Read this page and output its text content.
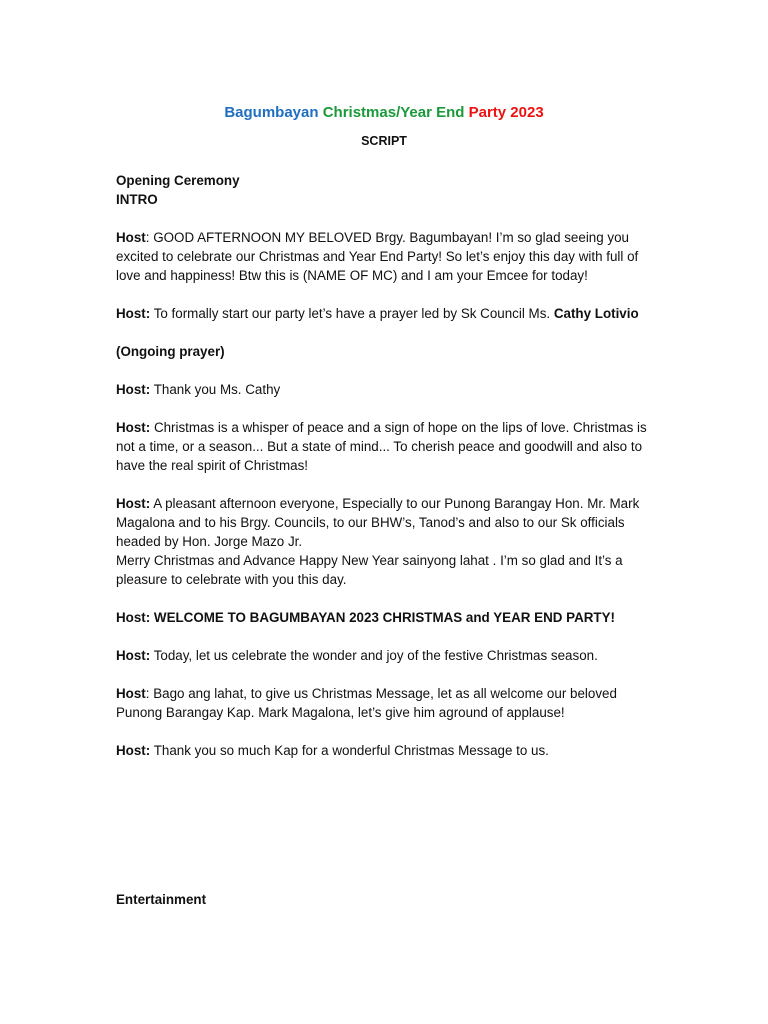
Bagumbayan Christmas/Year End Party 2023
SCRIPT

Opening Ceremony
INTRO

Host: GOOD AFTERNOON MY BELOVED Brgy. Bagumbayan! I’m so glad seeing you excited to celebrate our Christmas and Year End Party! So let’s enjoy this day with full of love and happiness! Btw this is (NAME OF MC) and I am your Emcee for today!

Host: To formally start our party let’s have a prayer led by Sk Council Ms. Cathy Lotivio

(Ongoing prayer)

Host: Thank you Ms. Cathy

Host: Christmas is a whisper of peace and a sign of hope on the lips of love. Christmas is not a time, or a season... But a state of mind... To cherish peace and goodwill and also to have the real spirit of Christmas!

Host: A pleasant afternoon everyone, Especially to our Punong Barangay Hon. Mr. Mark Magalona and to his Brgy. Councils, to our BHW’s, Tanod’s and also to our Sk officials headed by Hon. Jorge Mazo Jr.
Merry Christmas and Advance Happy New Year sainyong lahat . I’m so glad and It’s a pleasure to celebrate with you this day.

Host: WELCOME TO BAGUMBAYAN 2023 CHRISTMAS and YEAR END PARTY!

Host: Today, let us celebrate the wonder and joy of the festive Christmas season.

Host: Bago ang lahat, to give us Christmas Message, let as all welcome our beloved Punong Barangay Kap. Mark Magalona, let’s give him aground of applause!

Host: Thank you so much Kap for a wonderful Christmas Message to us.

Entertainment
